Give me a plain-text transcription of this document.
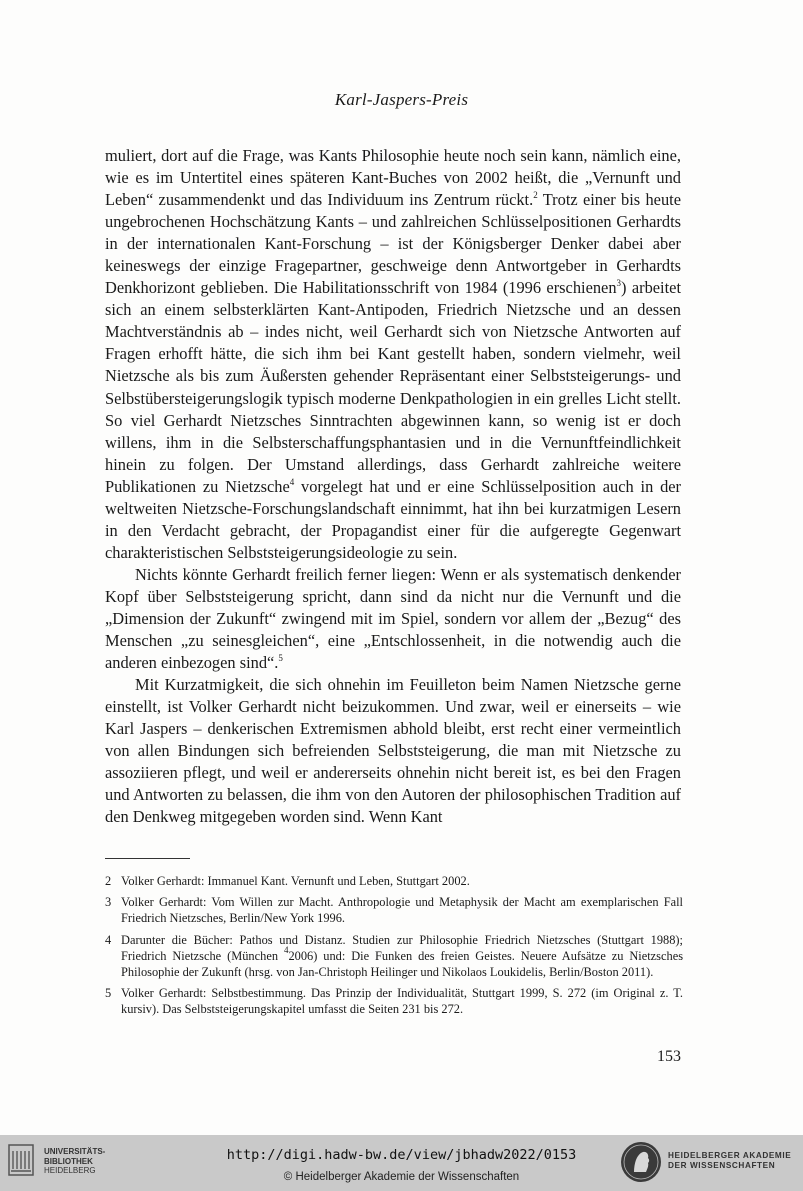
Karl-Jaspers-Preis

muliert, dort auf die Frage, was Kants Philosophie heute noch sein kann, nämlich eine, wie es im Untertitel eines späteren Kant-Buches von 2002 heißt, die „Vernunft und Leben“ zusammendenkt und das Individuum ins Zentrum rückt.$^2$ Trotz einer bis heute ungebrochenen Hochschätzung Kants – und zahlreichen Schlüsselpositionen Gerhardts in der internationalen Kant-Forschung – ist der Königsberger Denker dabei aber keineswegs der einzige Fragepartner, geschweige denn Antwortgeber in Gerhardts Denkhorizont geblieben. Die Habilitationsschrift von 1984 (1996 erschienen$^3$) arbeitet sich an einem selbsterklärten Kant-Antipoden, Friedrich Nietzsche und an dessen Machtverständnis ab – indes nicht, weil Gerhardt sich von Nietzsche Antworten auf Fragen erhofft hätte, die sich ihm bei Kant gestellt haben, sondern vielmehr, weil Nietzsche als bis zum Äußersten gehender Repräsentant einer Selbststeigerungs- und Selbstübersteigerungslogik typisch moderne Denkpathologien in ein grelles Licht stellt. So viel Gerhardt Nietzsches Sinntrachten abgewinnen kann, so wenig ist er doch willens, ihm in die Selbsterschaffungsphantasien und in die Vernunftfeindlichkeit hinein zu folgen. Der Umstand allerdings, dass Gerhardt zahlreiche weitere Publikationen zu Nietzsche$^4$ vorgelegt hat und er eine Schlüsselposition auch in der weltweiten Nietzsche-Forschungslandschaft einnimmt, hat ihn bei kurzatmigen Lesern in den Verdacht gebracht, der Propagandist einer für die aufgeregte Gegenwart charakteristischen Selbststeigerungsideologie zu sein.

Nichts könnte Gerhardt freilich ferner liegen: Wenn er als systematisch denkender Kopf über Selbststeigerung spricht, dann sind da nicht nur die Vernunft und die „Dimension der Zukunft“ zwingend mit im Spiel, sondern vor allem der „Bezug“ des Menschen „zu seinesgleichen“, eine „Entschlossenheit, in die notwendig auch die anderen einbezogen sind“.$^5$

Mit Kurzatmigkeit, die sich ohnehin im Feuilleton beim Namen Nietzsche gerne einstellt, ist Volker Gerhardt nicht beizukommen. Und zwar, weil er einerseits – wie Karl Jaspers – denkerischen Extremismen abhold bleibt, erst recht einer vermeintlich von allen Bindungen sich befreienden Selbststeigerung, die man mit Nietzsche zu assoziieren pflegt, und weil er andererseits ohnehin nicht bereit ist, es bei den Fragen und Antworten zu belassen, die ihm von den Autoren der philosophischen Tradition auf den Denkweg mitgegeben worden sind. Wenn Kant

2 Volker Gerhardt: Immanuel Kant. Vernunft und Leben, Stuttgart 2002.
3 Volker Gerhardt: Vom Willen zur Macht. Anthropologie und Metaphysik der Macht am exemplarischen Fall Friedrich Nietzsches, Berlin/New York 1996.
4 Darunter die Bücher: Pathos und Distanz. Studien zur Philosophie Friedrich Nietzsches (Stuttgart 1988); Friedrich Nietzsche (München $^4$2006) und: Die Funken des freien Geistes. Neuere Aufsätze zu Nietzsches Philosophie der Zukunft (hrsg. von Jan-Christoph Heilinger und Nikolaos Loukidelis, Berlin/Boston 2011).
5 Volker Gerhardt: Selbstbestimmung. Das Prinzip der Individualität, Stuttgart 1999, S. 272 (im Original z. T. kursiv). Das Selbststeigerungskapitel umfasst die Seiten 231 bis 272.
153
UNIVERSITÄTS-
BIBLIOTHEK
HEIDELBERG
http://digi.hadw-bw.de/view/jbhadw2022/0153
© Heidelberger Akademie der Wissenschaften
HEIDELBERGER AKADEMIE
DER WISSENSCHAFTEN
